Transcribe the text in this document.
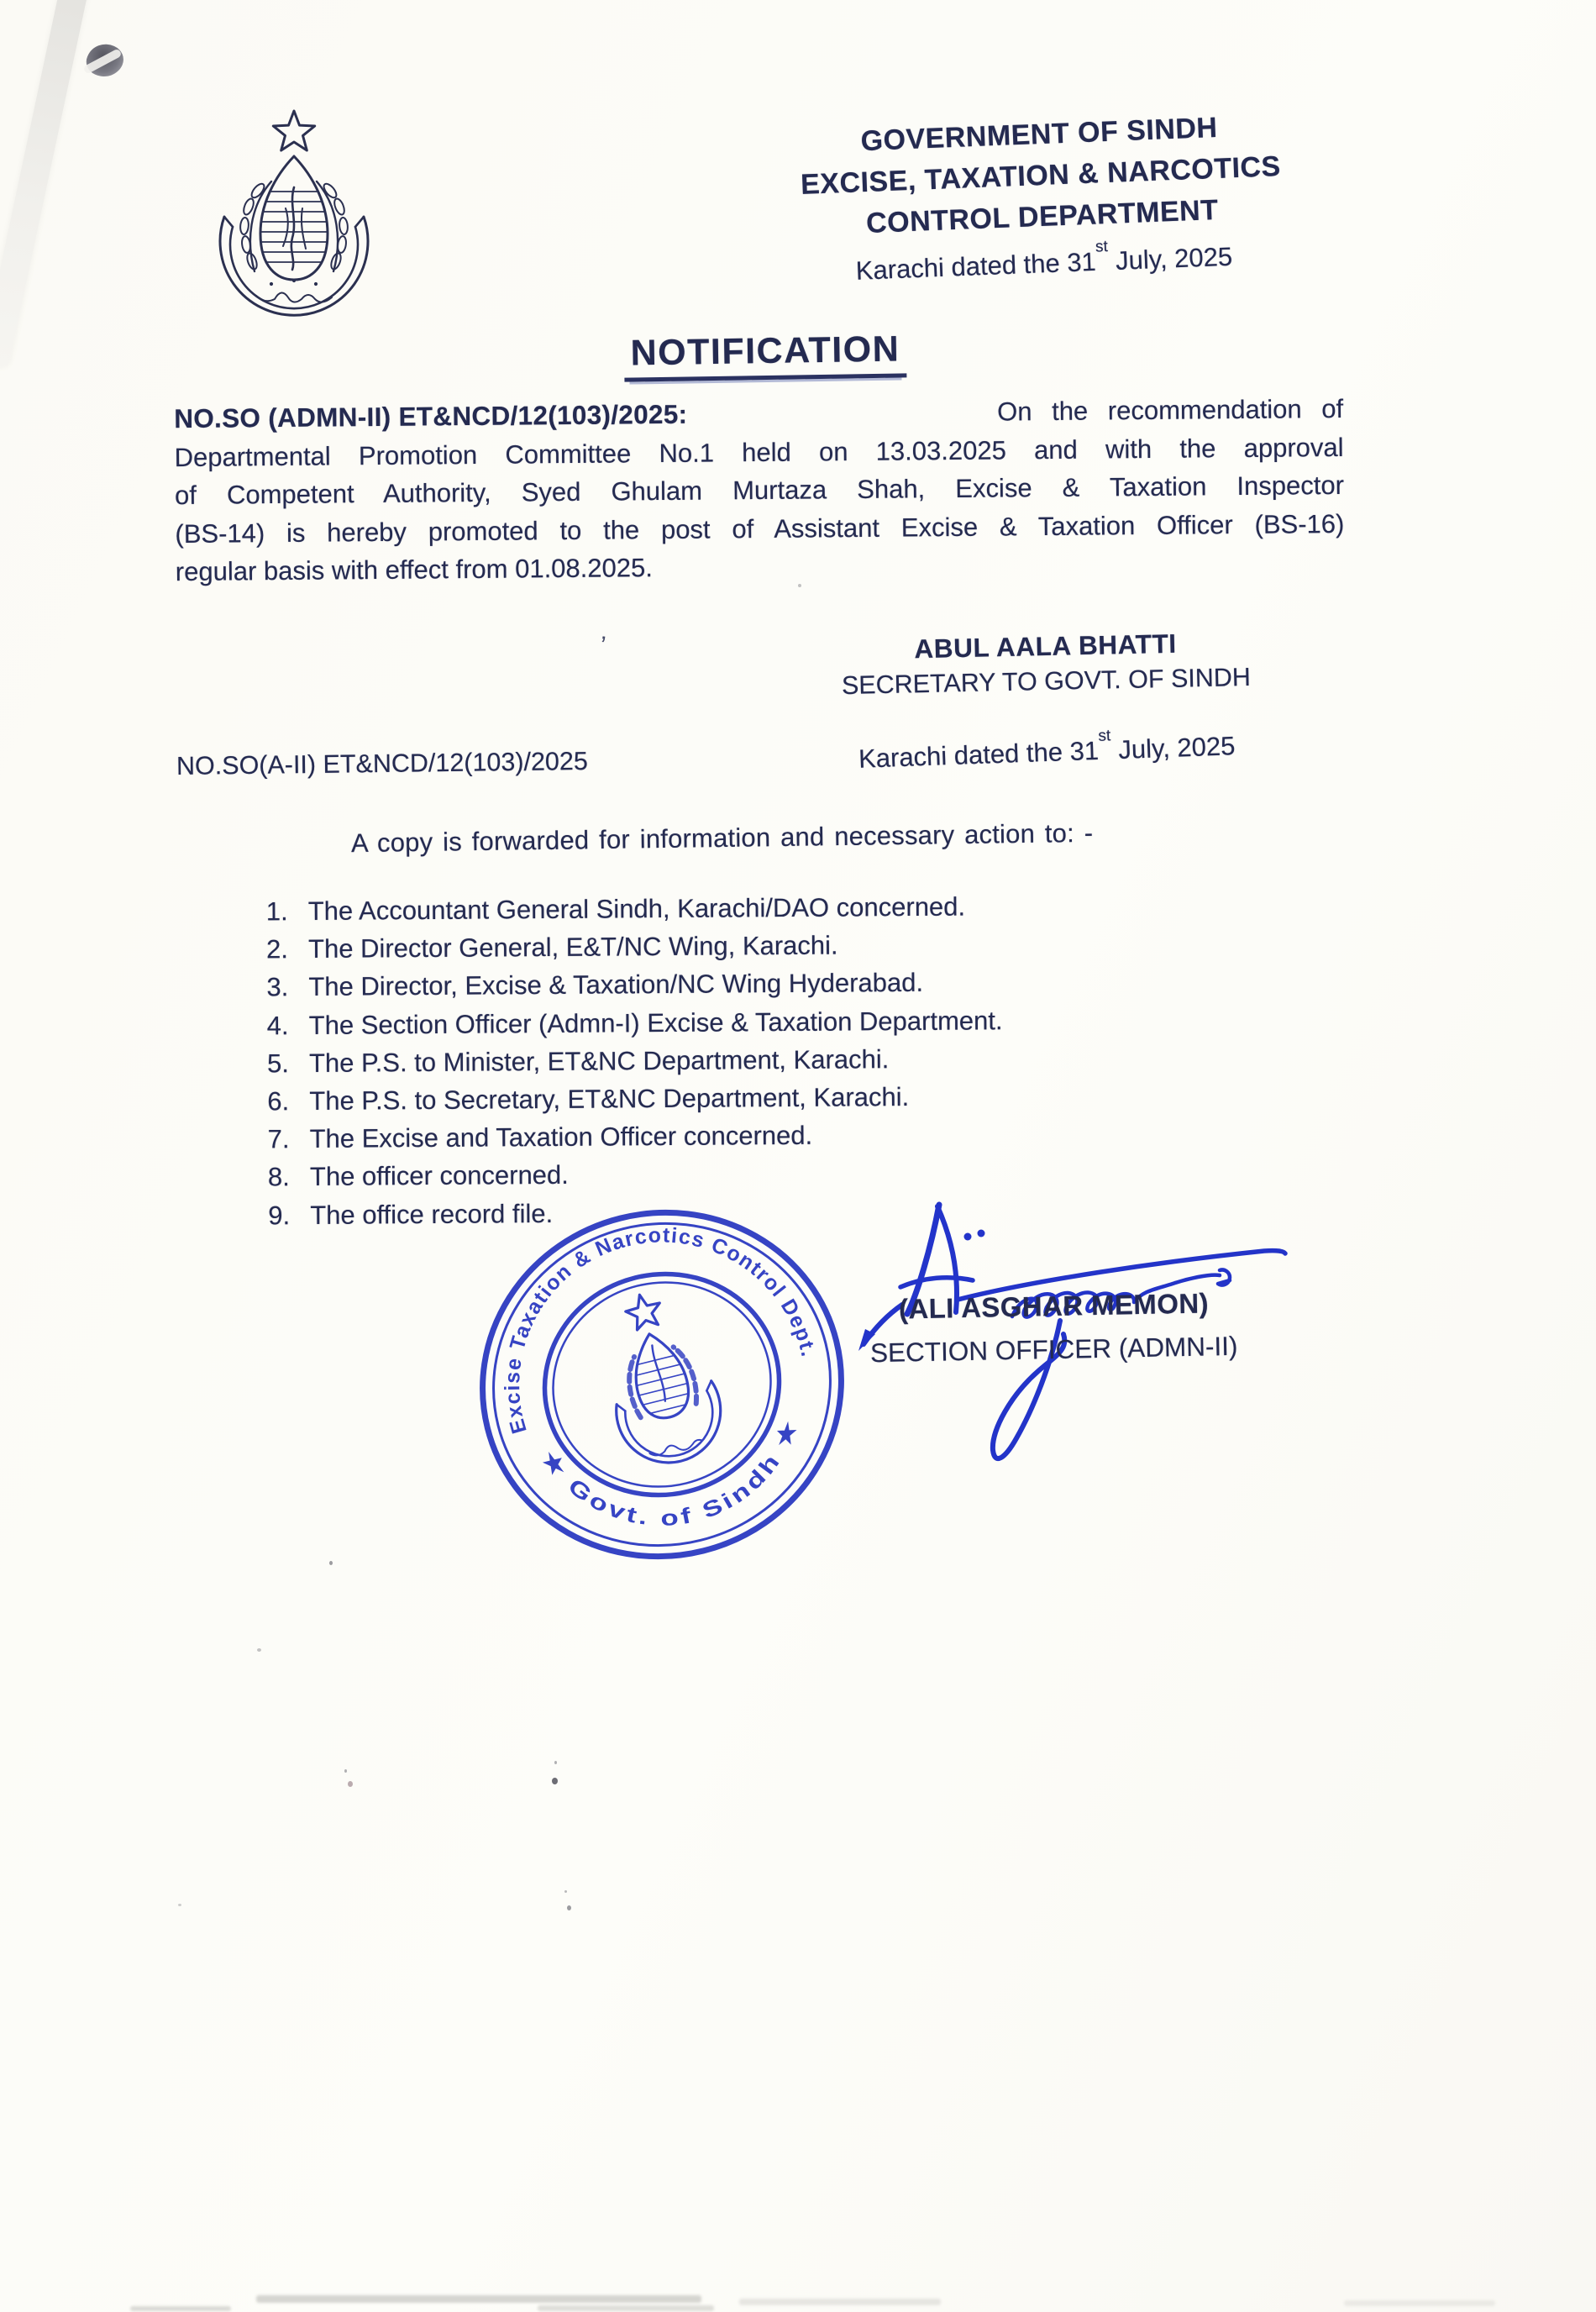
GOVERNMENT OF SINDH
EXCISE, TAXATION & NARCOTICS
CONTROL DEPARTMENT
Karachi dated the 31st July, 2025
NOTIFICATION
NO.SO (ADMN-II) ET&NCD/12(103)/2025:	On the recommendation of
Departmental Promotion Committee No.1 held on 13.03.2025 and with the approval
of Competent Authority, Syed Ghulam Murtaza Shah, Excise & Taxation Inspector
(BS-14) is hereby promoted to the post of Assistant Excise & Taxation Officer (BS-16)
regular basis with effect from 01.08.2025.
’	ABUL AALA BHATTI
SECRETARY TO GOVT. OF SINDH
NO.SO(A-II) ET&NCD/12(103)/2025	Karachi dated the 31st July, 2025
A copy is forwarded for information and necessary action to: -
1. The Accountant General Sindh, Karachi/DAO concerned.
2. The Director General, E&T/NC Wing, Karachi.
3. The Director, Excise & Taxation/NC Wing Hyderabad.
4. The Section Officer (Admn-I) Excise & Taxation Department.
5. The P.S. to Minister, ET&NC Department, Karachi.
6. The P.S. to Secretary, ET&NC Department, Karachi.
7. The Excise and Taxation Officer concerned.
8. The officer concerned.
9. The office record file.
Excise Taxation & Narcotics Control Dept.
★ Govt. of Sindh ★
(ALI ASGHAR MEMON)
SECTION OFFICER (ADMN-II)
